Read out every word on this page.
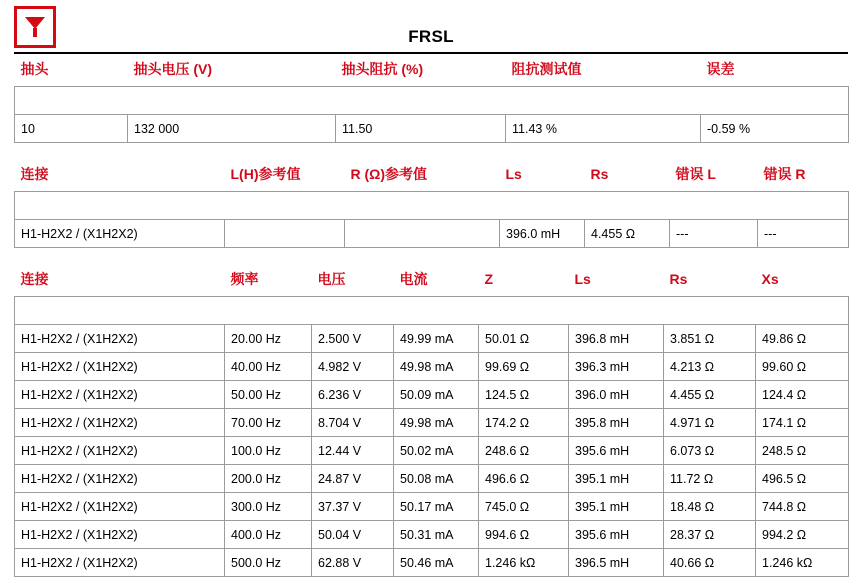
FRSL
抽头	抽头电压 (V)	抽头阻抗 (%)	阻抗测试值	误差

10	132 000	11.50	11.43 %	-0.59 %
连接	L(H)参考值	R (Ω)参考值	Ls	Rs	错误 L	错误 R

H1-H2X2 / (X1H2X2)			396.0 mH	4.455 Ω	---	---
连接	频率	电压	电流	Z	Ls	Rs	Xs

H1-H2X2 / (X1H2X2)	20.00 Hz	2.500 V	49.99 mA	50.01 Ω	396.8 mH	3.851 Ω	49.86 Ω
H1-H2X2 / (X1H2X2)	40.00 Hz	4.982 V	49.98 mA	99.69 Ω	396.3 mH	4.213 Ω	99.60 Ω
H1-H2X2 / (X1H2X2)	50.00 Hz	6.236 V	50.09 mA	124.5 Ω	396.0 mH	4.455 Ω	124.4 Ω
H1-H2X2 / (X1H2X2)	70.00 Hz	8.704 V	49.98 mA	174.2 Ω	395.8 mH	4.971 Ω	174.1 Ω
H1-H2X2 / (X1H2X2)	100.0 Hz	12.44 V	50.02 mA	248.6 Ω	395.6 mH	6.073 Ω	248.5 Ω
H1-H2X2 / (X1H2X2)	200.0 Hz	24.87 V	50.08 mA	496.6 Ω	395.1 mH	11.72 Ω	496.5 Ω
H1-H2X2 / (X1H2X2)	300.0 Hz	37.37 V	50.17 mA	745.0 Ω	395.1 mH	18.48 Ω	744.8 Ω
H1-H2X2 / (X1H2X2)	400.0 Hz	50.04 V	50.31 mA	994.6 Ω	395.6 mH	28.37 Ω	994.2 Ω
H1-H2X2 / (X1H2X2)	500.0 Hz	62.88 V	50.46 mA	1.246 kΩ	396.5 mH	40.66 Ω	1.246 kΩ
